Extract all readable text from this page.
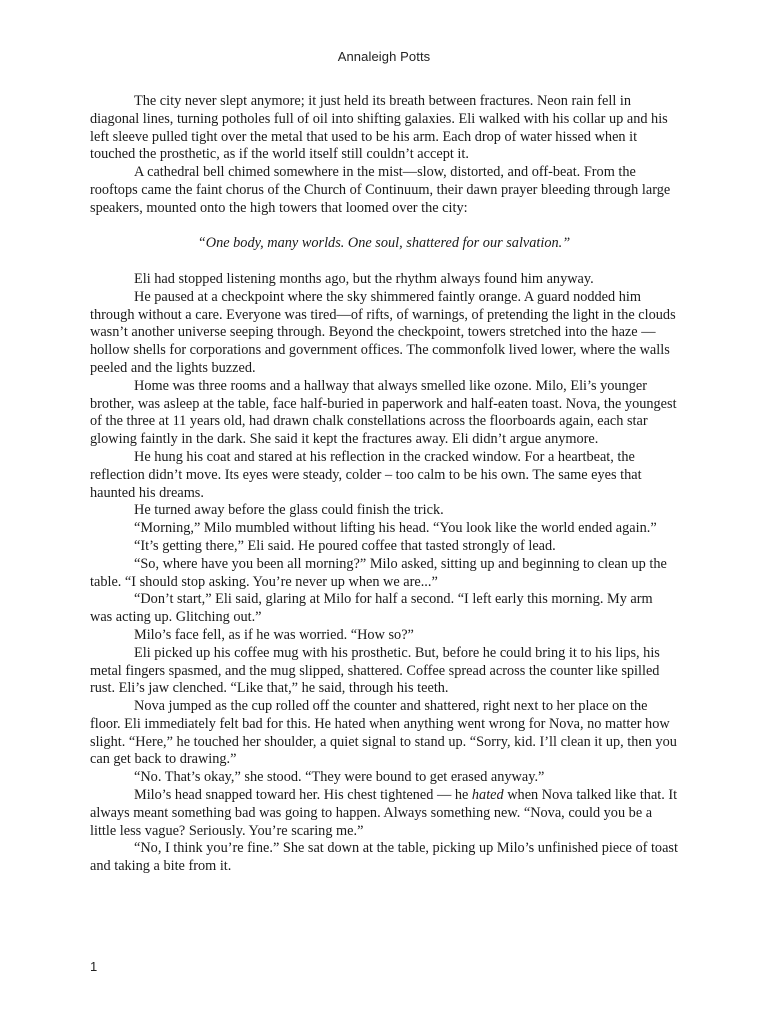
Annaleigh Potts

The city never slept anymore; it just held its breath between fractures. Neon rain fell in diagonal lines, turning potholes full of oil into shifting galaxies. Eli walked with his collar up and his left sleeve pulled tight over the metal that used to be his arm. Each drop of water hissed when it touched the prosthetic, as if the world itself still couldn’t accept it.

A cathedral bell chimed somewhere in the mist—slow, distorted, and off-beat. From the rooftops came the faint chorus of the Church of Continuum, their dawn prayer bleeding through large speakers, mounted onto the high towers that loomed over the city:

“One body, many worlds. One soul, shattered for our salvation.”

Eli had stopped listening months ago, but the rhythm always found him anyway.

He paused at a checkpoint where the sky shimmered faintly orange. A guard nodded him through without a care. Everyone was tired—of rifts, of warnings, of pretending the light in the clouds wasn’t another universe seeping through. Beyond the checkpoint, towers stretched into the haze — hollow shells for corporations and government offices. The commonfolk lived lower, where the walls peeled and the lights buzzed.

Home was three rooms and a hallway that always smelled like ozone. Milo, Eli’s younger brother, was asleep at the table, face half-buried in paperwork and half-eaten toast. Nova, the youngest of the three at 11 years old, had drawn chalk constellations across the floorboards again, each star glowing faintly in the dark. She said it kept the fractures away. Eli didn’t argue anymore.

He hung his coat and stared at his reflection in the cracked window. For a heartbeat, the reflection didn’t move. Its eyes were steady, colder – too calm to be his own. The same eyes that haunted his dreams.

He turned away before the glass could finish the trick.

“Morning,” Milo mumbled without lifting his head. “You look like the world ended again.”

“It’s getting there,” Eli said. He poured coffee that tasted strongly of lead.

“So, where have you been all morning?” Milo asked, sitting up and beginning to clean up the table. “I should stop asking. You’re never up when we are...”

“Don’t start,” Eli said, glaring at Milo for half a second. “I left early this morning. My arm was acting up. Glitching out.”

Milo’s face fell, as if he was worried. “How so?”

Eli picked up his coffee mug with his prosthetic. But, before he could bring it to his lips, his metal fingers spasmed, and the mug slipped, shattered. Coffee spread across the counter like spilled rust. Eli’s jaw clenched. “Like that,” he said, through his teeth.

Nova jumped as the cup rolled off the counter and shattered, right next to her place on the floor. Eli immediately felt bad for this. He hated when anything went wrong for Nova, no matter how slight. “Here,” he touched her shoulder, a quiet signal to stand up. “Sorry, kid. I’ll clean it up, then you can get back to drawing.”

“No. That’s okay,” she stood. “They were bound to get erased anyway.”

Milo’s head snapped toward her. His chest tightened — he hated when Nova talked like that. It always meant something bad was going to happen. Always something new. “Nova, could you be a little less vague? Seriously. You’re scaring me.”

“No, I think you’re fine.” She sat down at the table, picking up Milo’s unfinished piece of toast and taking a bite from it.

1
